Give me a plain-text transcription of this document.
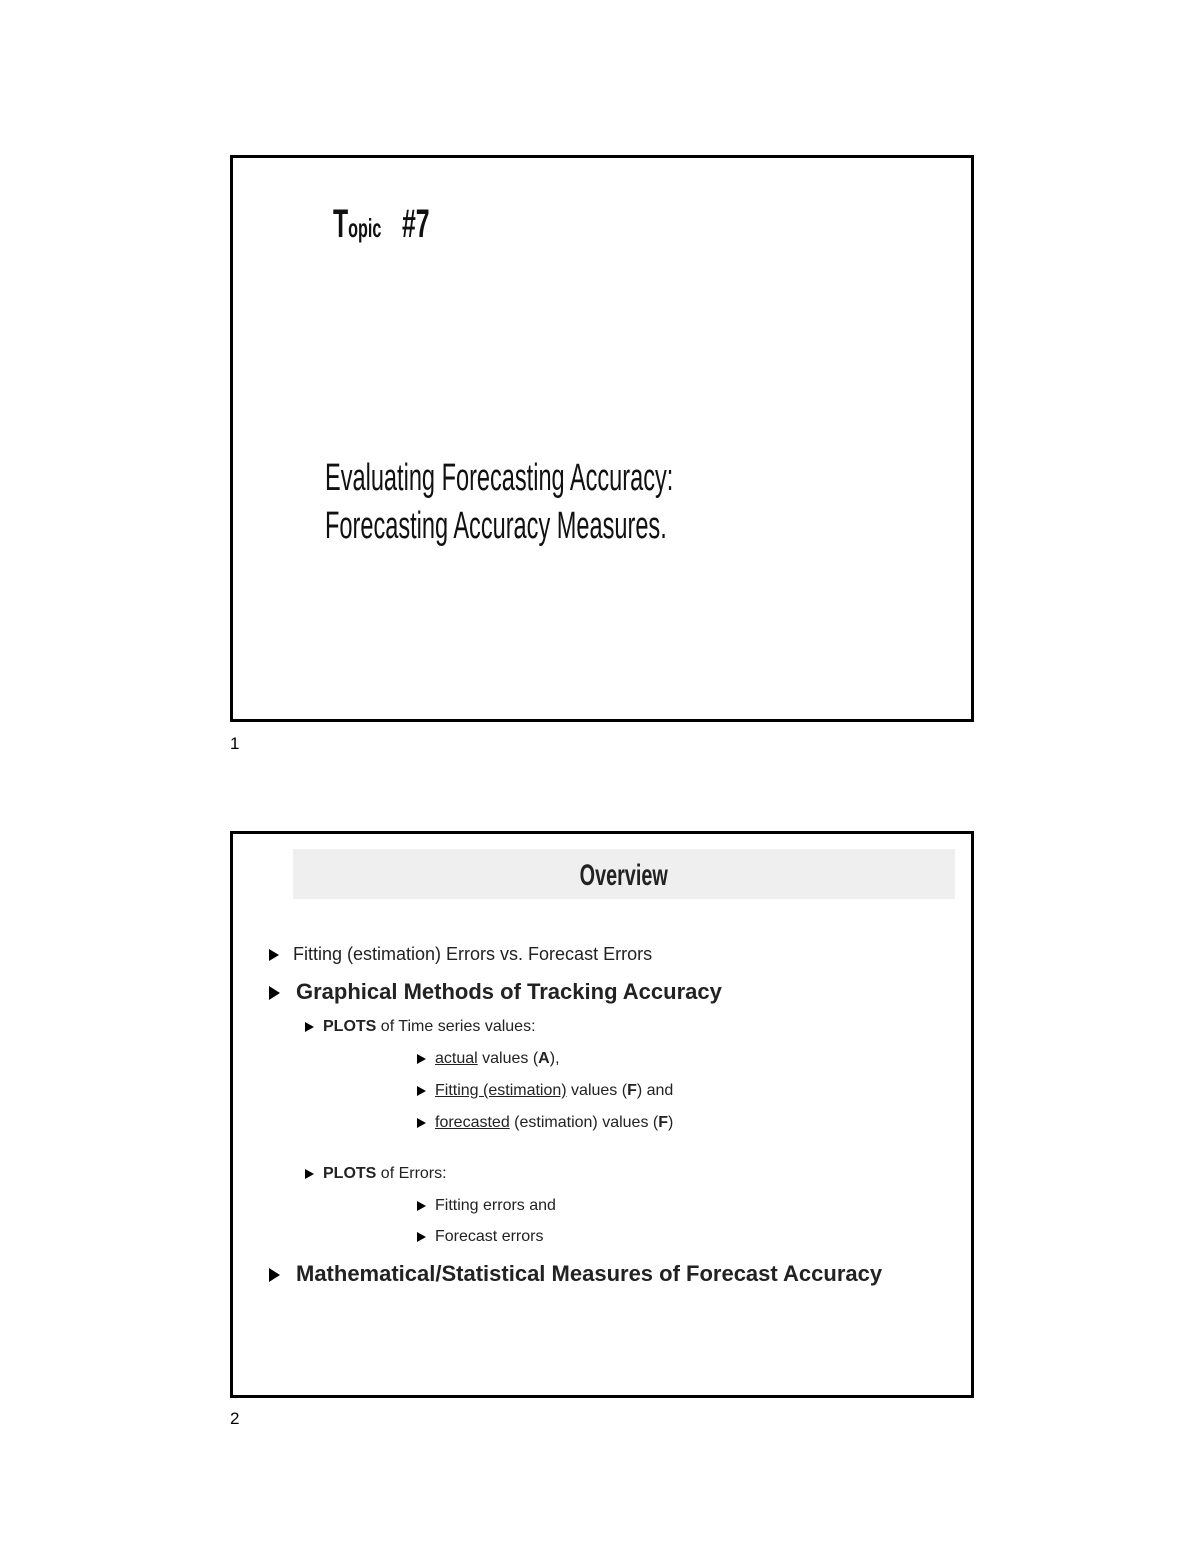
Topic #7
Evaluating Forecasting Accuracy:
Forecasting Accuracy Measures.
1
Overview
Fitting (estimation) Errors vs. Forecast Errors
Graphical Methods of Tracking Accuracy
PLOTS of Time series values:
actual values (A),
Fitting (estimation) values (F) and
forecasted (estimation) values (F)
PLOTS of Errors:
Fitting errors and
Forecast errors
Mathematical/Statistical Measures of Forecast Accuracy
2
